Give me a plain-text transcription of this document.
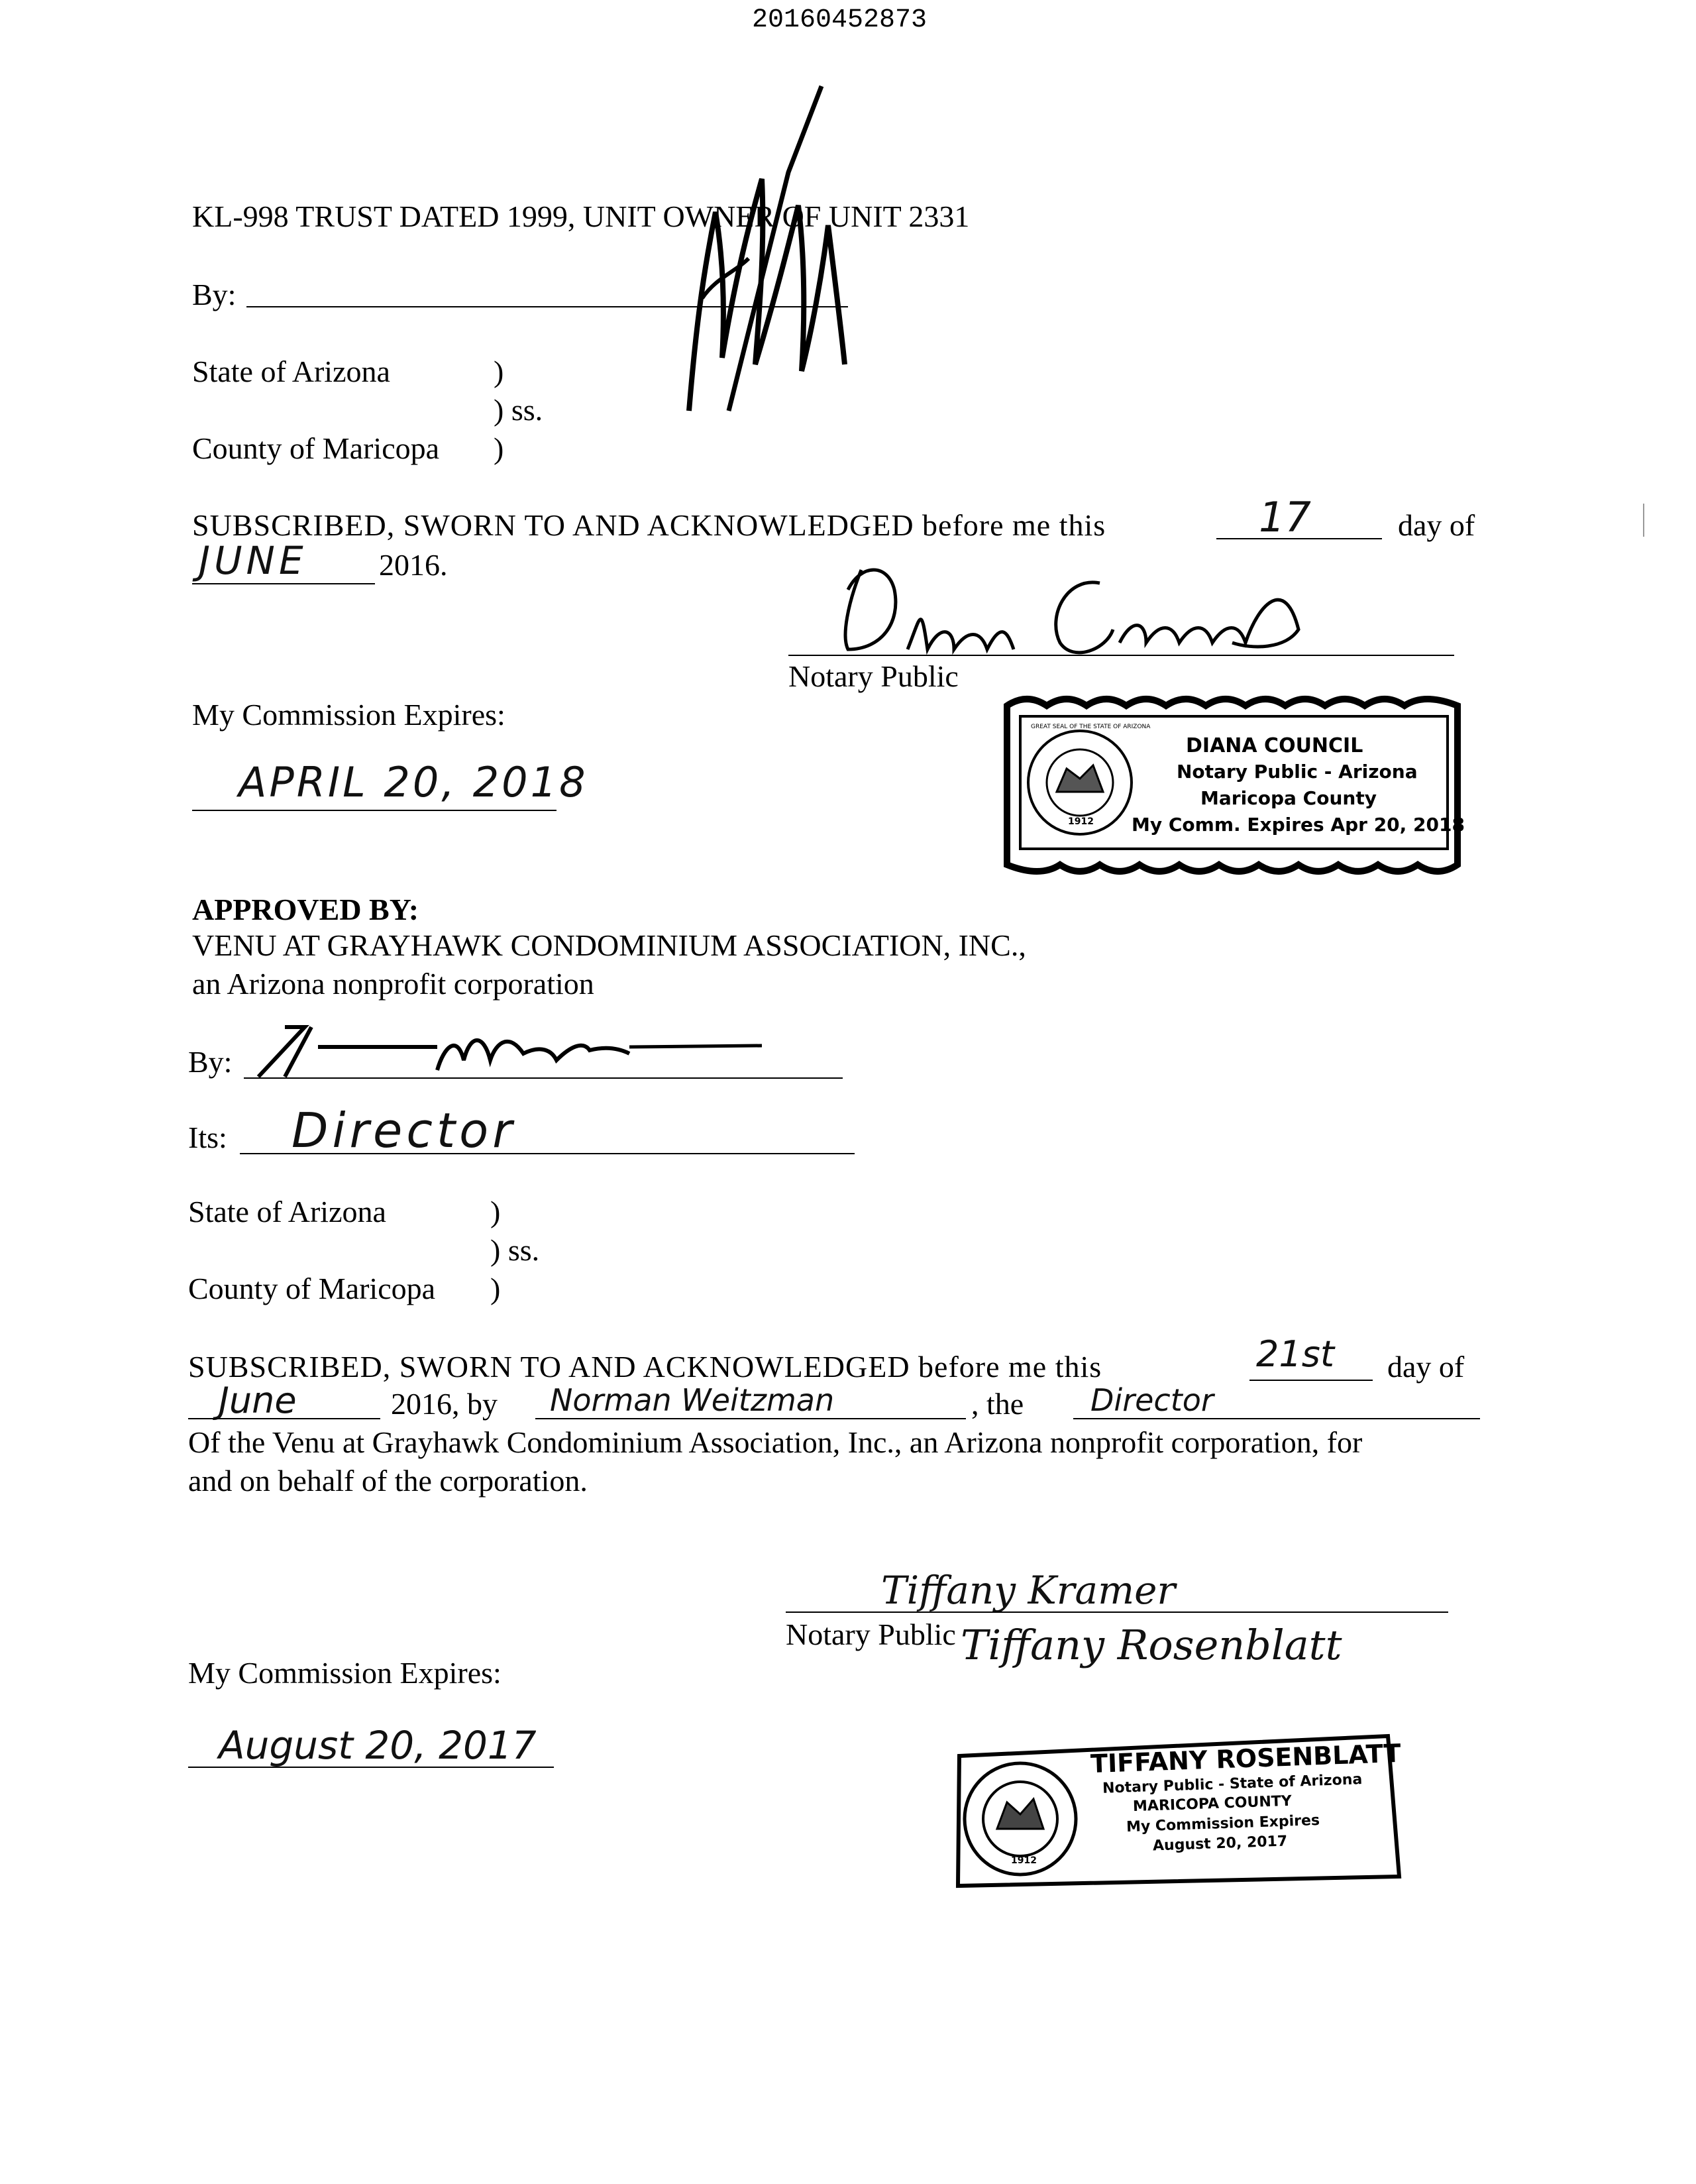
20160452873
KL-998 TRUST DATED 1999, UNIT OWNER OF UNIT 2331
By:
State of Arizona	)
) ss.
County of Maricopa )
SUBSCRIBED, SWORN TO AND ACKNOWLEDGED before me this	17	day of
JUNE 2016.
Notary Public
My Commission Expires:
APRIL 20, 2018
DIANA COUNCIL
Notary Public - Arizona
Maricopa County
My Comm. Expires Apr 20, 2018
1912
GREAT SEAL OF THE STATE OF ARIZONA
APPROVED BY:
VENU AT GRAYHAWK CONDOMINIUM ASSOCIATION, INC.,
an Arizona nonprofit corporation
By:
Its: Director
State of Arizona	)
) ss.
County of Maricopa )
SUBSCRIBED, SWORN TO AND ACKNOWLEDGED before me this	21st day of
June	2016, by Norman Weitzman	, the Director
Of the Venu at Grayhawk Condominium Association, Inc., an Arizona nonprofit corporation, for
and on behalf of the corporation.
Tiffany Kramer
Notary Public Tiffany Rosenblatt
My Commission Expires:
August 20, 2017	TIFFANY ROSENBLATT
Notary Public - State of Arizona
MARICOPA COUNTY
My Commission Expires
August 20, 2017
1912
